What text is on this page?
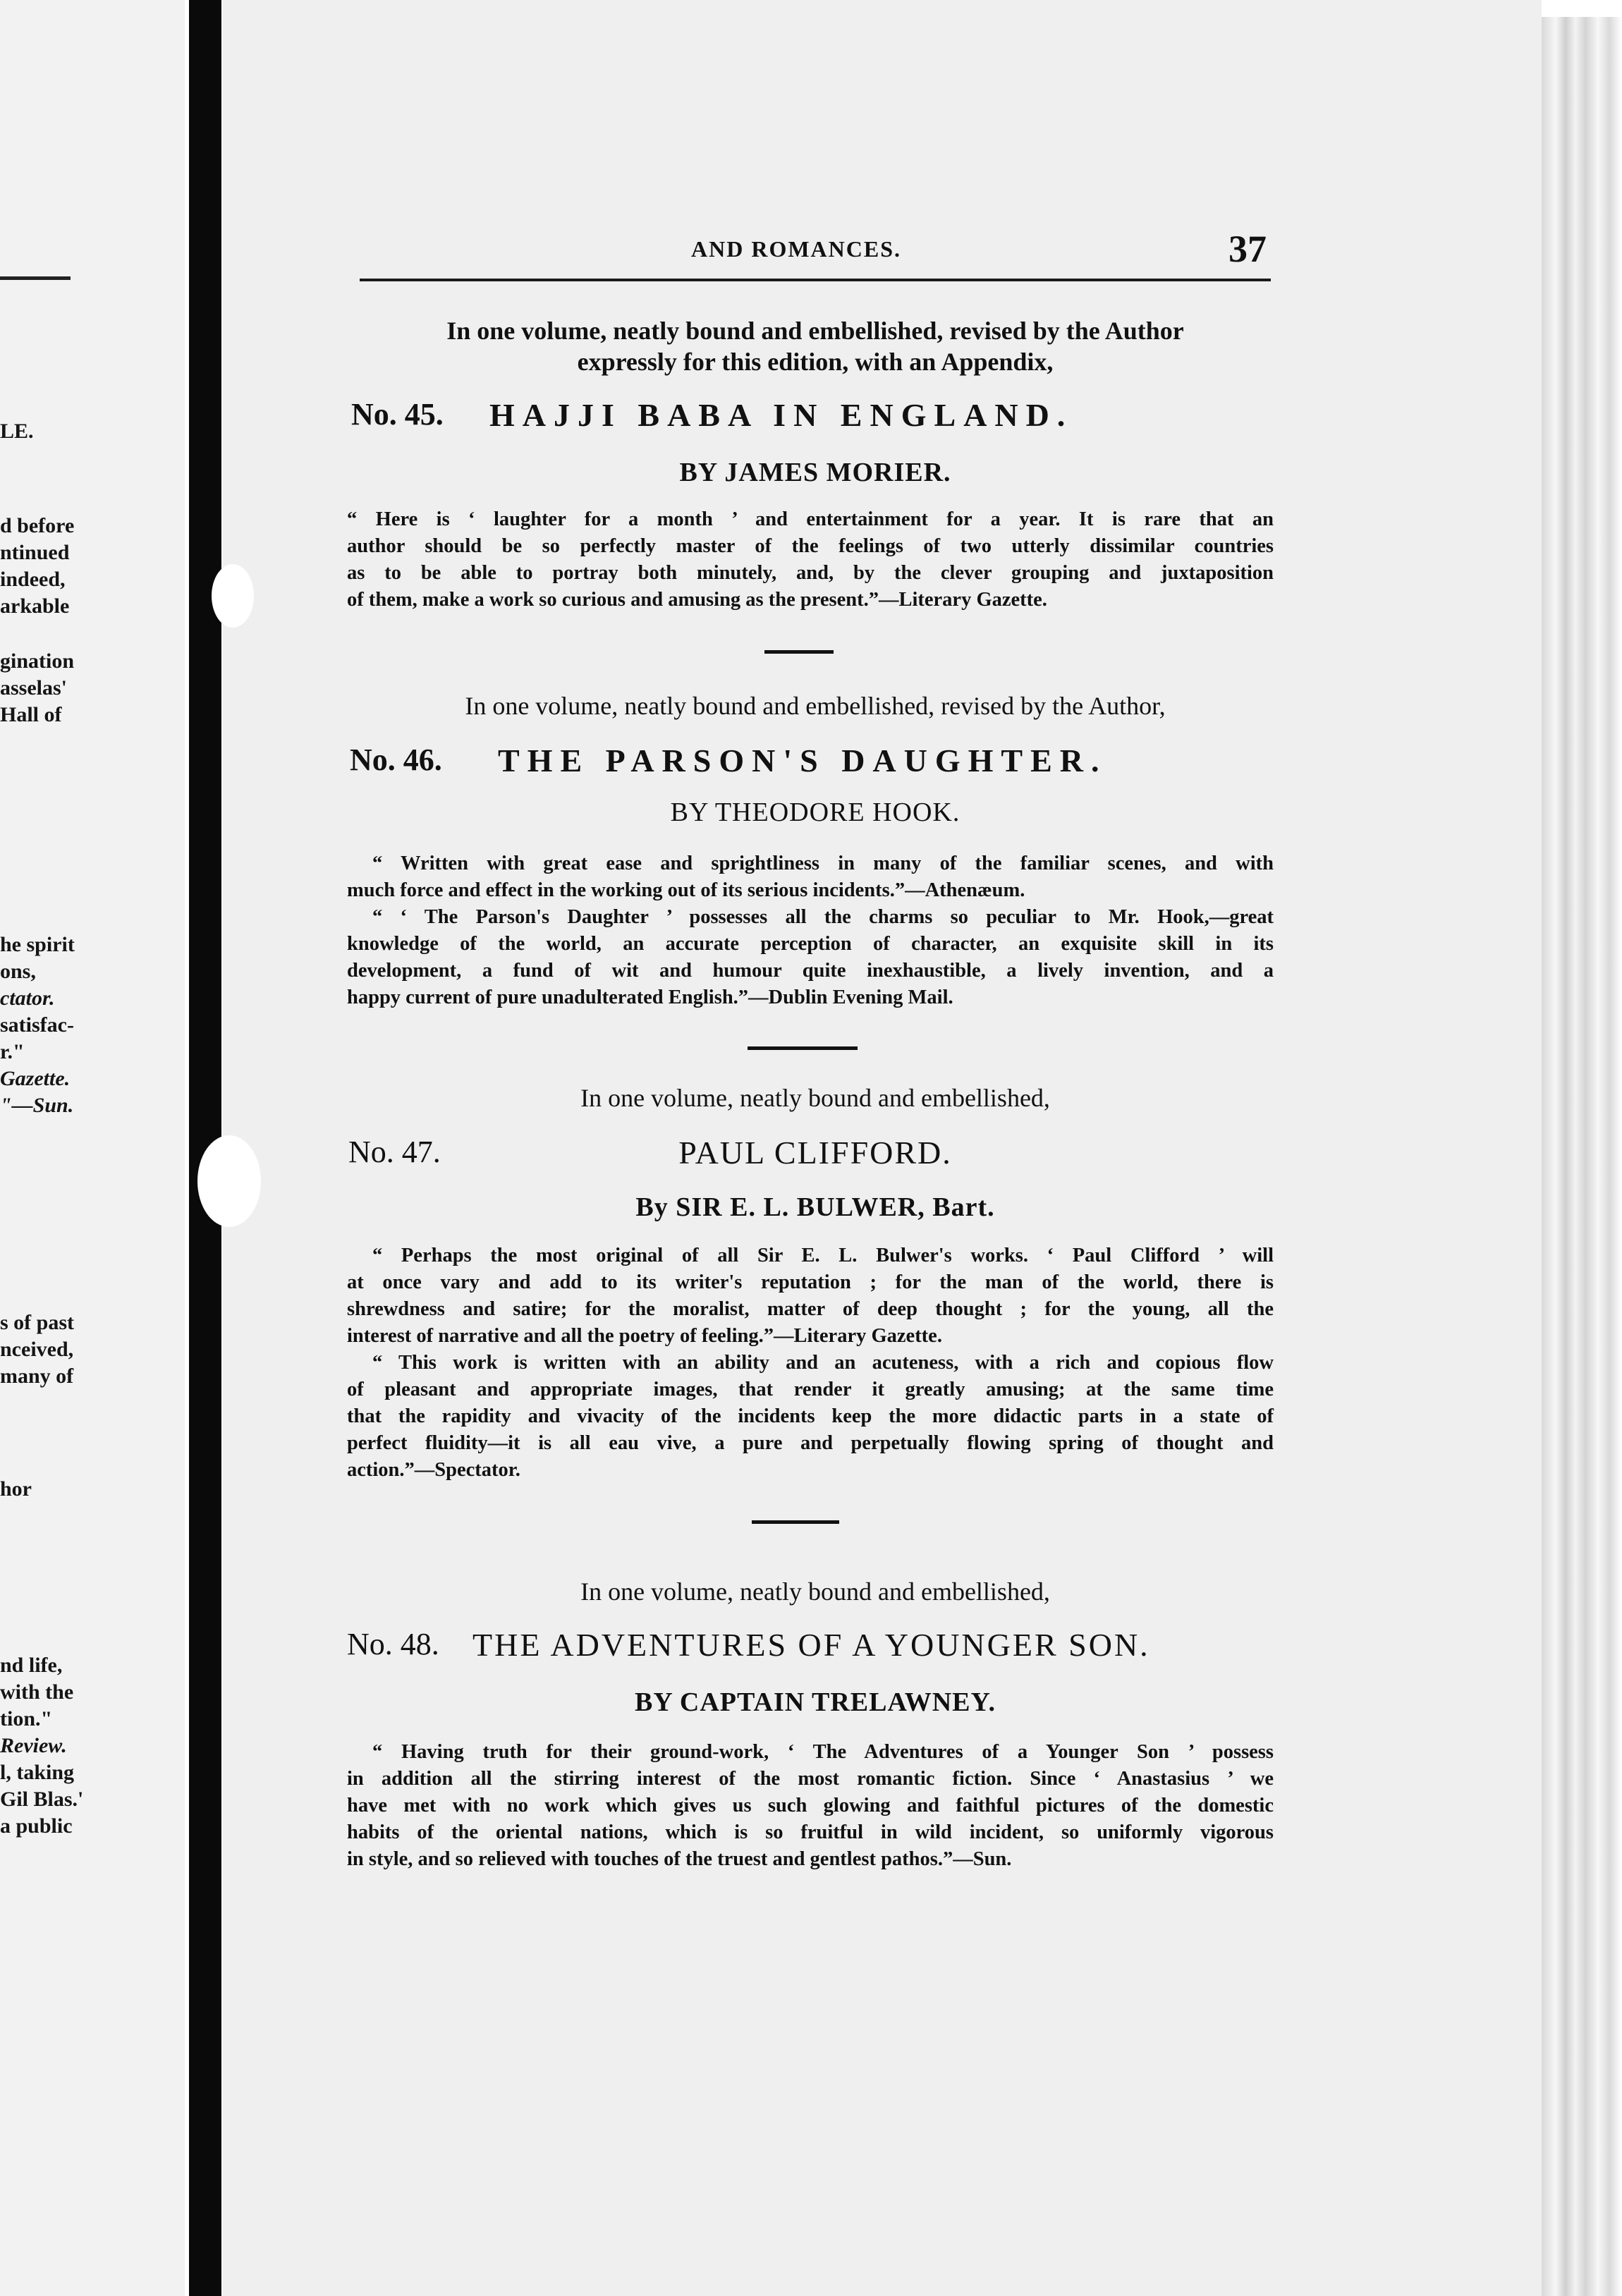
LE.
d before
ntinued
indeed,
arkable
gination
asselas'
Hall of
he spirit
ons,
ctator.
satisfac-
r."
Gazette.
"—Sun.
s of past
nceived,
many of
hor
nd life,
with the
tion."
Review.
l, taking
Gil Blas.'
a public
AND ROMANCES.	37
In one volume, neatly bound and embellished, revised by the Author
expressly for this edition, with an Appendix,
No. 45. HAJJI BABA IN ENGLAND.
BY JAMES MORIER.
“ Here is ‘ laughter for a month ’ and entertainment for a year. It is rare that an
author should be so perfectly master of the feelings of two utterly dissimilar countries
as to be able to portray both minutely, and, by the clever grouping and juxtaposition
of them, make a work so curious and amusing as the present.”—Literary Gazette.
In one volume, neatly bound and embellished, revised by the Author,
No. 46. THE PARSON'S DAUGHTER.
BY THEODORE HOOK.
“ Written with great ease and sprightliness in many of the familiar scenes, and with
much force and effect in the working out of its serious incidents.”—Athenæum.
“ ‘ The Parson's Daughter ’ possesses all the charms so peculiar to Mr. Hook,—great
knowledge of the world, an accurate perception of character, an exquisite skill in its
development, a fund of wit and humour quite inexhaustible, a lively invention, and a
happy current of pure unadulterated English.”—Dublin Evening Mail.
In one volume, neatly bound and embellished,
No. 47.	PAUL CLIFFORD.
By SIR E. L. BULWER, Bart.
“ Perhaps the most original of all Sir E. L. Bulwer's works. ‘ Paul Clifford ’ will
at once vary and add to its writer's reputation ; for the man of the world, there is
shrewdness and satire; for the moralist, matter of deep thought ; for the young, all the
interest of narrative and all the poetry of feeling.”—Literary Gazette.
“ This work is written with an ability and an acuteness, with a rich and copious flow
of pleasant and appropriate images, that render it greatly amusing; at the same time
that the rapidity and vivacity of the incidents keep the more didactic parts in a state of
perfect fluidity—it is all eau vive, a pure and perpetually flowing spring of thought and
action.”—Spectator.
In one volume, neatly bound and embellished,
No. 48. THE ADVENTURES OF A YOUNGER SON.
BY CAPTAIN TRELAWNEY.
“ Having truth for their ground-work, ‘ The Adventures of a Younger Son ’ possess
in addition all the stirring interest of the most romantic fiction. Since ‘ Anastasius ’ we
have met with no work which gives us such glowing and faithful pictures of the domestic
habits of the oriental nations, which is so fruitful in wild incident, so uniformly vigorous
in style, and so relieved with touches of the truest and gentlest pathos.”—Sun.
